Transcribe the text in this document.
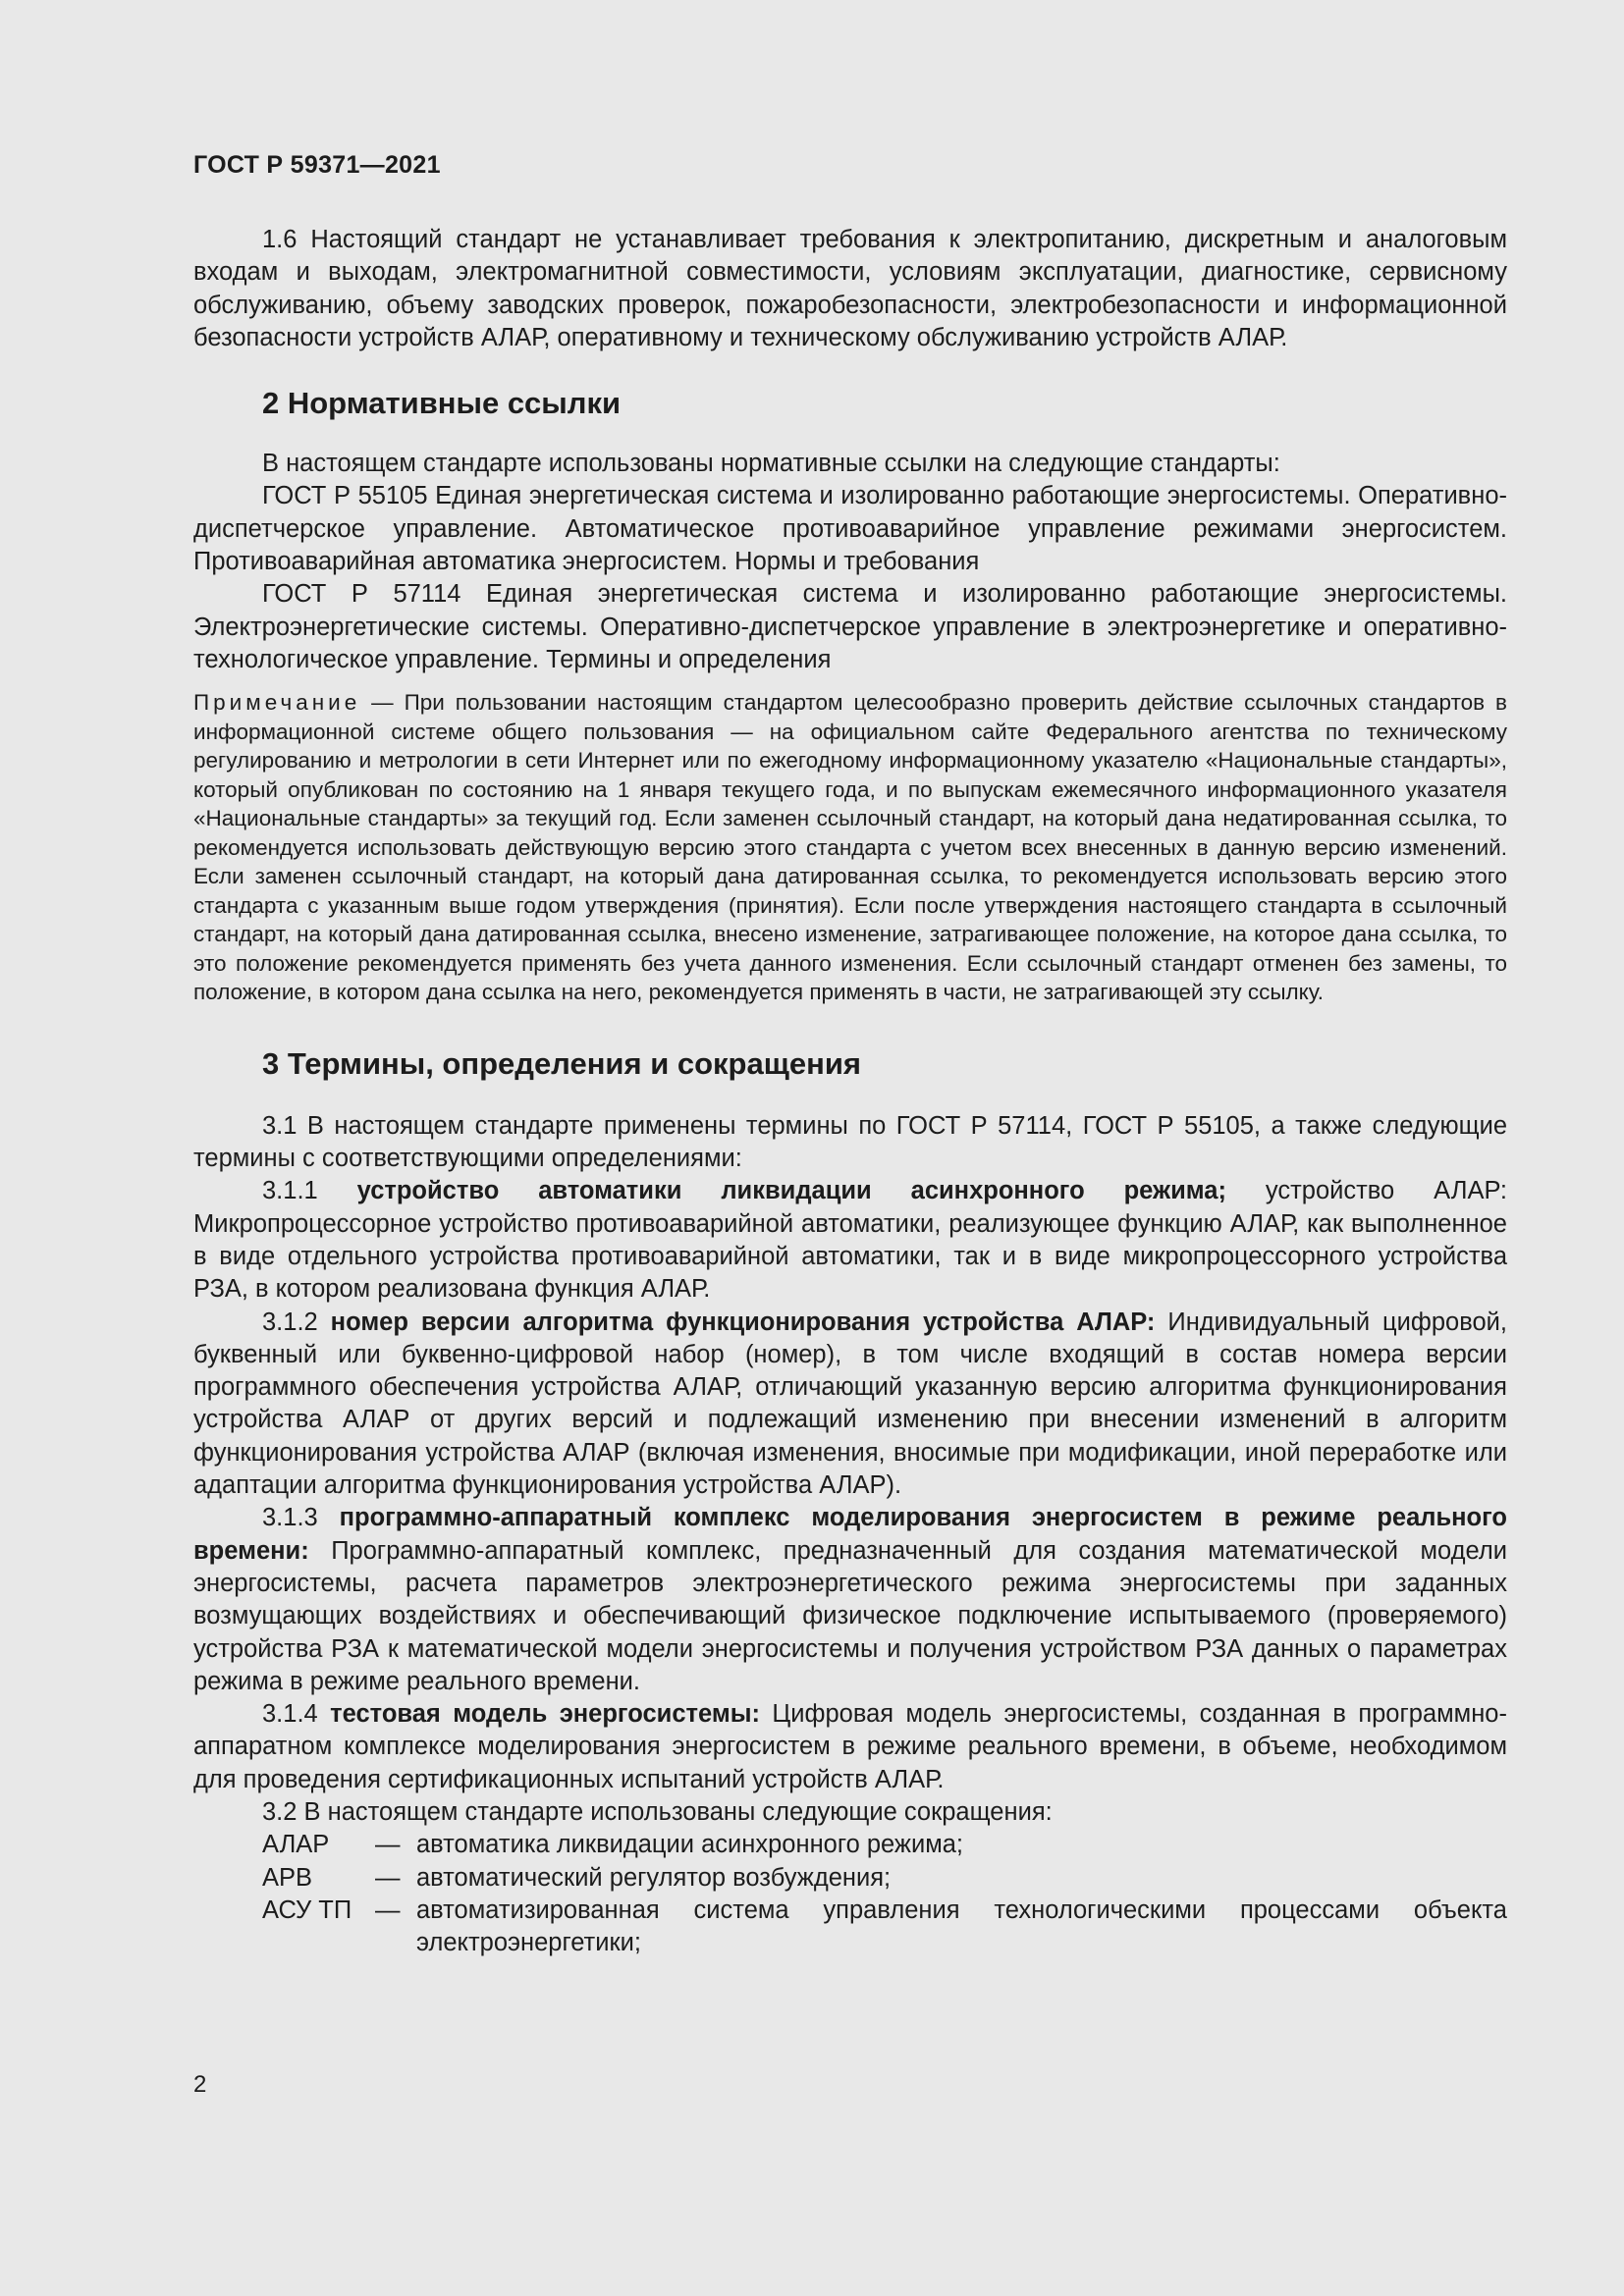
ГОСТ Р 59371—2021

1.6 Настоящий стандарт не устанавливает требования к электропитанию, дискретным и аналоговым входам и выходам, электромагнитной совместимости, условиям эксплуатации, диагностике, сервисному обслуживанию, объему заводских проверок, пожаробезопасности, электробезопасности и информационной безопасности устройств АЛАР, оперативному и техническому обслуживанию устройств АЛАР.

2 Нормативные ссылки

В настоящем стандарте использованы нормативные ссылки на следующие стандарты:

ГОСТ Р 55105 Единая энергетическая система и изолированно работающие энергосистемы. Оперативно-диспетчерское управление. Автоматическое противоаварийное управление режимами энергосистем. Противоаварийная автоматика энергосистем. Нормы и требования

ГОСТ Р 57114 Единая энергетическая система и изолированно работающие энергосистемы. Электроэнергетические системы. Оперативно-диспетчерское управление в электроэнергетике и оперативно-технологическое управление. Термины и определения

Примечание — При пользовании настоящим стандартом целесообразно проверить действие ссылочных стандартов в информационной системе общего пользования — на официальном сайте Федерального агентства по техническому регулированию и метрологии в сети Интернет или по ежегодному информационному указателю «Национальные стандарты», который опубликован по состоянию на 1 января текущего года, и по выпускам ежемесячного информационного указателя «Национальные стандарты» за текущий год. Если заменен ссылочный стандарт, на который дана недатированная ссылка, то рекомендуется использовать действующую версию этого стандарта с учетом всех внесенных в данную версию изменений. Если заменен ссылочный стандарт, на который дана датированная ссылка, то рекомендуется использовать версию этого стандарта с указанным выше годом утверждения (принятия). Если после утверждения настоящего стандарта в ссылочный стандарт, на который дана датированная ссылка, внесено изменение, затрагивающее положение, на которое дана ссылка, то это положение рекомендуется применять без учета данного изменения. Если ссылочный стандарт отменен без замены, то положение, в котором дана ссылка на него, рекомендуется применять в части, не затрагивающей эту ссылку.
3 Термины, определения и сокращения

3.1 В настоящем стандарте применены термины по ГОСТ Р 57114, ГОСТ Р 55105, а также следующие термины с соответствующими определениями:

3.1.1 устройство автоматики ликвидации асинхронного режима; устройство АЛАР: Микропроцессорное устройство противоаварийной автоматики, реализующее функцию АЛАР, как выполненное в виде отдельного устройства противоаварийной автоматики, так и в виде микропроцессорного устройства РЗА, в котором реализована функция АЛАР.

3.1.2 номер версии алгоритма функционирования устройства АЛАР: Индивидуальный цифровой, буквенный или буквенно-цифровой набор (номер), в том числе входящий в состав номера версии программного обеспечения устройства АЛАР, отличающий указанную версию алгоритма функционирования устройства АЛАР от других версий и подлежащий изменению при внесении изменений в алгоритм функционирования устройства АЛАР (включая изменения, вносимые при модификации, иной переработке или адаптации алгоритма функционирования устройства АЛАР).

3.1.3 программно-аппаратный комплекс моделирования энергосистем в режиме реального времени: Программно-аппаратный комплекс, предназначенный для создания математической модели энергосистемы, расчета параметров электроэнергетического режима энергосистемы при заданных возмущающих воздействиях и обеспечивающий физическое подключение испытываемого (проверяемого) устройства РЗА к математической модели энергосистемы и получения устройством РЗА данных о параметрах режима в режиме реального времени.

3.1.4 тестовая модель энергосистемы: Цифровая модель энергосистемы, созданная в программно-аппаратном комплексе моделирования энергосистем в режиме реального времени, в объеме, необходимом для проведения сертификационных испытаний устройств АЛАР.

3.2 В настоящем стандарте использованы следующие сокращения:

АЛАР	— автоматика ликвидации асинхронного режима;
АРВ	— автоматический регулятор возбуждения;
АСУ ТП — автоматизированная система управления технологическими процессами объекта электроэнергетики;
2
